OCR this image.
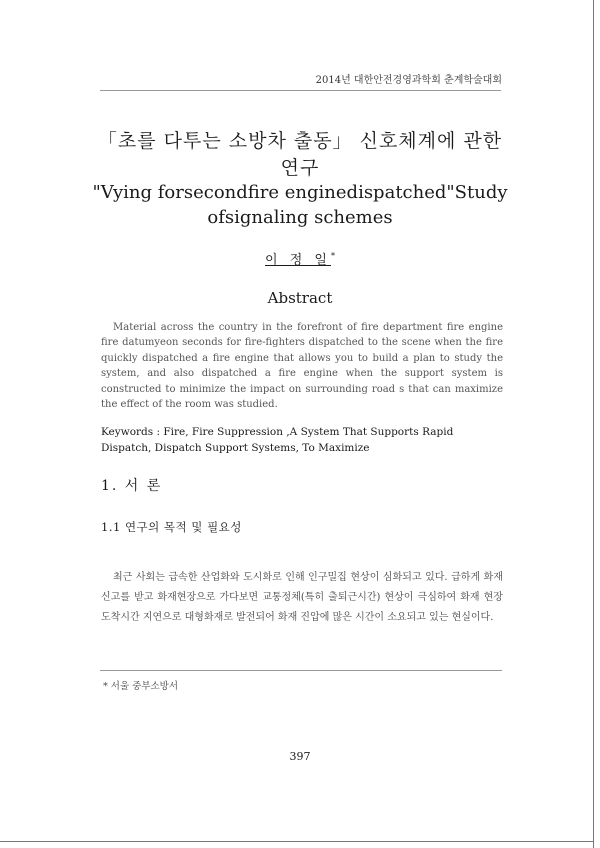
2014년 대한안전경영과학회 춘계학술대회
「초를 다투는 소방차 출동」 신호체계에 관한
연구
"Vying forsecondfire enginedispatched"Study
ofsignaling schemes
이 정 일*
Abstract
Material across the country in the forefront of fire department fire engine fire datumyeon seconds for fire-fighters dispatched to the scene when the fire quickly dispatched a fire engine that allows you to build a plan to study the system, and also dispatched a fire engine when the support system is constructed to minimize the impact on surrounding road s that can maximize the effect of the room was studied.
Keywords : Fire, Fire Suppression ,A System That Supports Rapid Dispatch, Dispatch Support Systems, To Maximize
1. 서 론
1.1 연구의 목적 및 필요성
최근 사회는 급속한 산업화와 도시화로 인해 인구밀집 현상이 심화되고 있다. 급하게 화재신고를 받고 화재현장으로 가다보면 교통정체(특히 출퇴근시간) 현상이 극심하여 화재 현장 도착시간 지연으로 대형화재로 발전되어 화재 진압에 많은 시간이 소요되고 있는 현실이다.
* 서울 중부소방서
397
